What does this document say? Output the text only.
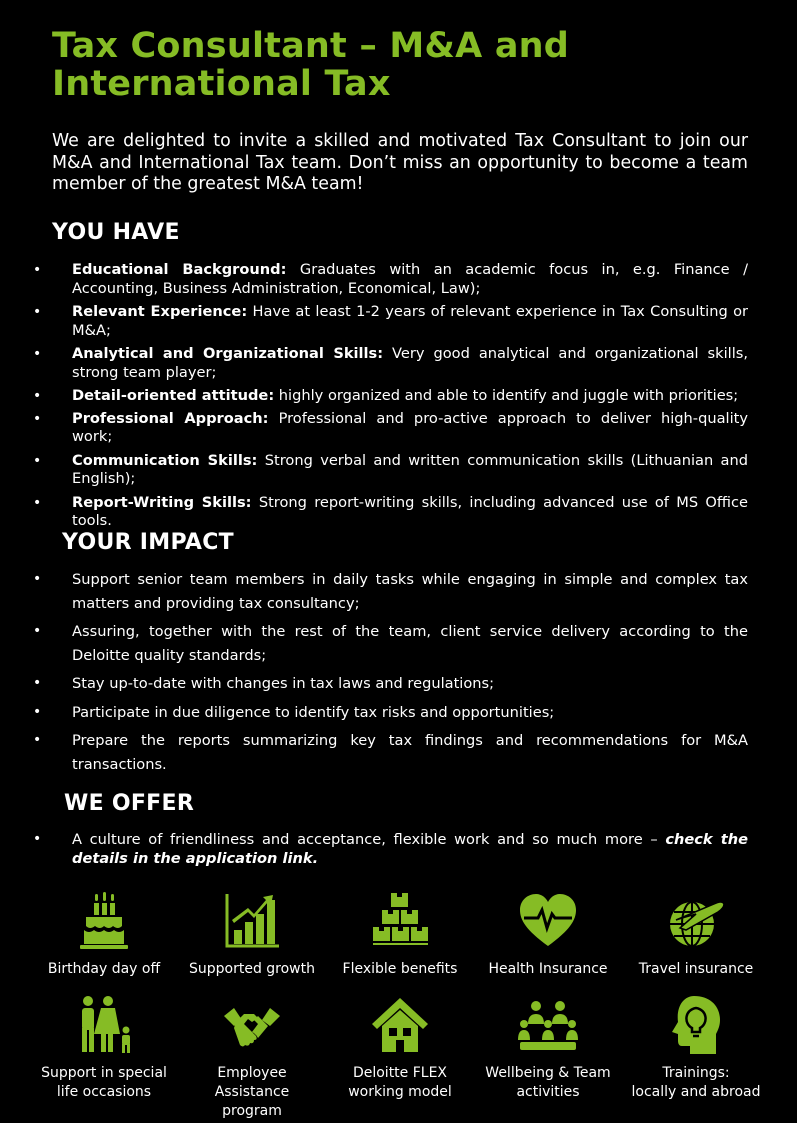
Tax Consultant – M&A and International Tax

We are delighted to invite a skilled and motivated Tax Consultant to join our M&A and International Tax team. Don’t miss an opportunity to become a team member of the greatest M&A team!

YOU HAVE
• Educational Background: Graduates with an academic focus in, e.g. Finance / Accounting, Business Administration, Economical, Law);
• Relevant Experience: Have at least 1-2 years of relevant experience in Tax Consulting or M&A;
• Analytical and Organizational Skills: Very good analytical and organizational skills, strong team player;
• Detail-oriented attitude: highly organized and able to identify and juggle with priorities;
• Professional Approach: Professional and pro-active approach to deliver high-quality work;
• Communication Skills: Strong verbal and written communication skills (Lithuanian and English);
• Report-Writing Skills: Strong report-writing skills, including advanced use of MS Office tools.
YOUR IMPACT
• Support senior team members in daily tasks while engaging in simple and complex tax matters and providing tax consultancy;
• Assuring, together with the rest of the team, client service delivery according to the Deloitte quality standards;
• Stay up-to-date with changes in tax laws and regulations;
• Participate in due diligence to identify tax risks and opportunities;
• Prepare the reports summarizing key tax findings and recommendations for M&A transactions.
WE OFFER
• A culture of friendliness and acceptance, flexible work and so much more – check the details in the application link.
Birthday day off	Supported growth	Flexible benefits	Health Insurance	Travel insurance
Support in special
life occasions
Employee Assistance
program
Deloitte FLEX
working model
Wellbeing & Team
activities
Trainings:
locally and abroad
